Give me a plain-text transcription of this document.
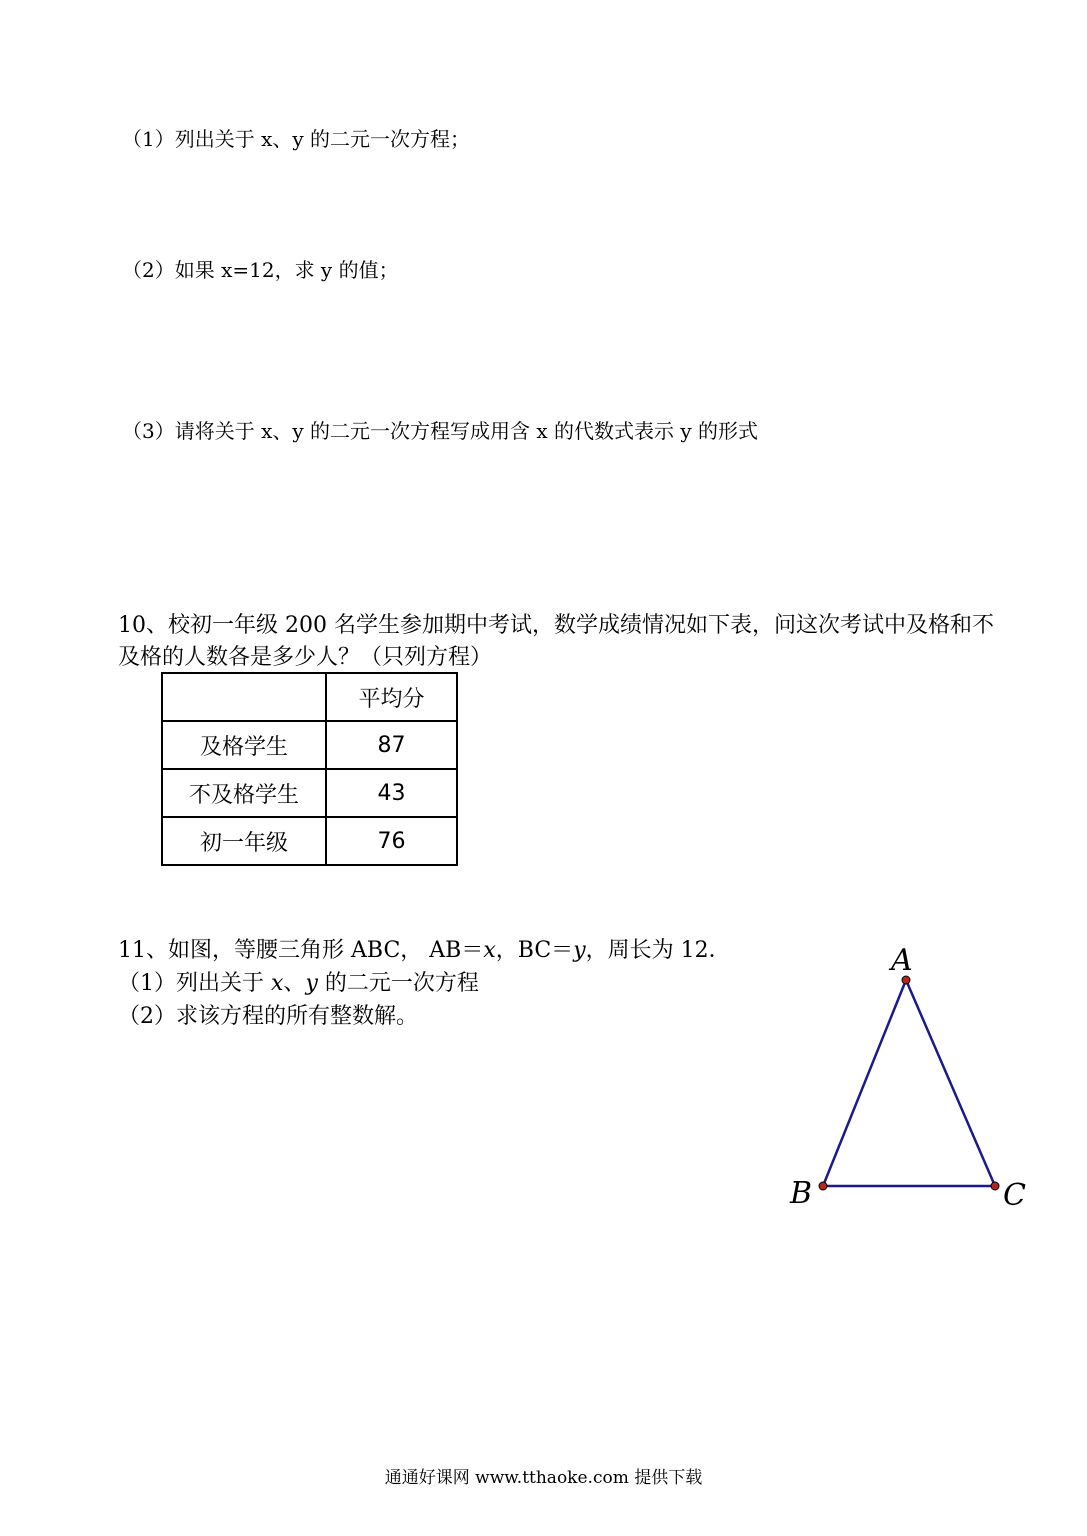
（1）列出关于 x、y 的二元一次方程；
（2）如果 x=12，求 y 的值；
（3）请将关于 x、y 的二元一次方程写成用含 x 的代数式表示 y 的形式
10、校初一年级 200 名学生参加期中考试，数学成绩情况如下表，问这次考试中及格和不
及格的人数各是多少人？（只列方程）
	平均分
及格学生	87
不及格学生	43
初一年级	76
11、如图，等腰三角形 ABC， AB＝x，BC＝y，周长为 12．
（1）列出关于 x、y 的二元一次方程
（2）求该方程的所有整数解。
A
B	C
通通好课网 www.tthaoke.com 提供下载
